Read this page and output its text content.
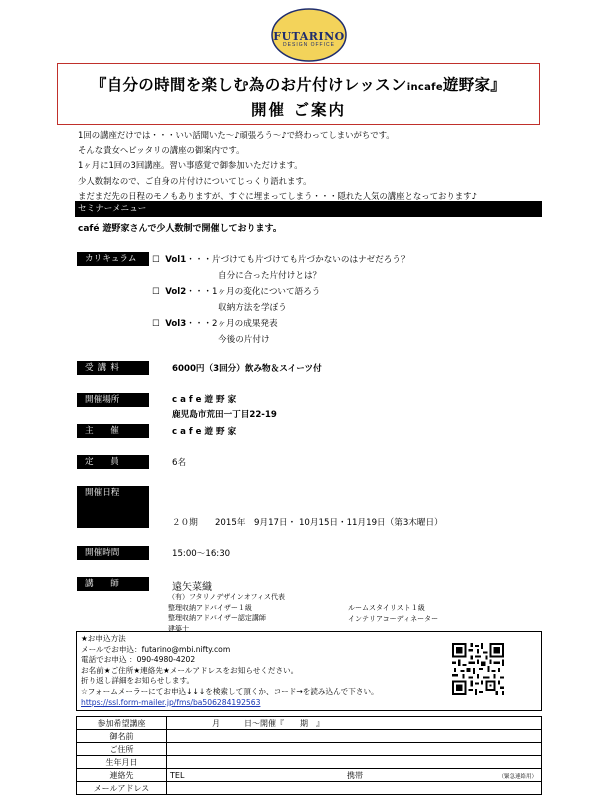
FUTARINO
DESIGN OFFICE
『自分の時間を楽しむ為のお片付けレッスンincafe遊野家』
開催 ご案内
1回の講座だけでは・・・いい話聞いた～♪頑張ろう～♪で終わってしまいがちです。
そんな貴女へピッタリの講座の御案内です。
1ヶ月に1回の3回講座。習い事感覚で御参加いただけます。
少人数制なので、ご自身の片付けについてじっくり語れます。
まだまだ先の日程のモノもありますが、すぐに埋まってしまう・・・隠れた人気の講座となっております♪
セミナーメニュー
café 遊野家さんで少人数制で開催しております。
カリキュラム	☐ Vol1・・・片づけても片づけても片づかないのはナゼだろう？
自分に合った片付けとは？
☐ Vol2・・・1ヶ月の変化について語ろう
収納方法を学ぼう
☐ Vol3・・・2ヶ月の成果発表
今後の片付け
受講料	6000円（3回分）飲み物＆スイーツ付
開催場所	cafe遊野家
鹿児島市荒田一丁目22-19
主　催	cafe遊野家
定　員	6名
開催日程
２０期　　2015年　9月17日・ 10月15日・11月19日（第3木曜日）
開催時間	15:00～16:30
講　師	遠矢菜織
（有）フタリノデザインオフィス代表
整理収納アドバイザー１級
整理収納アドバイザー認定講師
建築士
ルームスタイリスト１級
インテリアコーディネーター
★お申込方法
メールでお申込：futarino@mbi.nifty.com
電話でお申込 ：090-4980-4202
お名前★ご住所★連絡先★メールアドレスをお知らせください。
折り返し詳細をお知らせします。
☆フォームメーラーにてお申込↓↓↓を検索して頂くか、コード→を読み込んで下さい。
https://ssl.form-mailer.jp/fms/ba506284192563
参加希望講座	月　　　日～開催『　　期　』
御名前	
ご住所	
生年月日	
連絡先	TEL 携帯 （緊急連絡用）

メールアドレス	
